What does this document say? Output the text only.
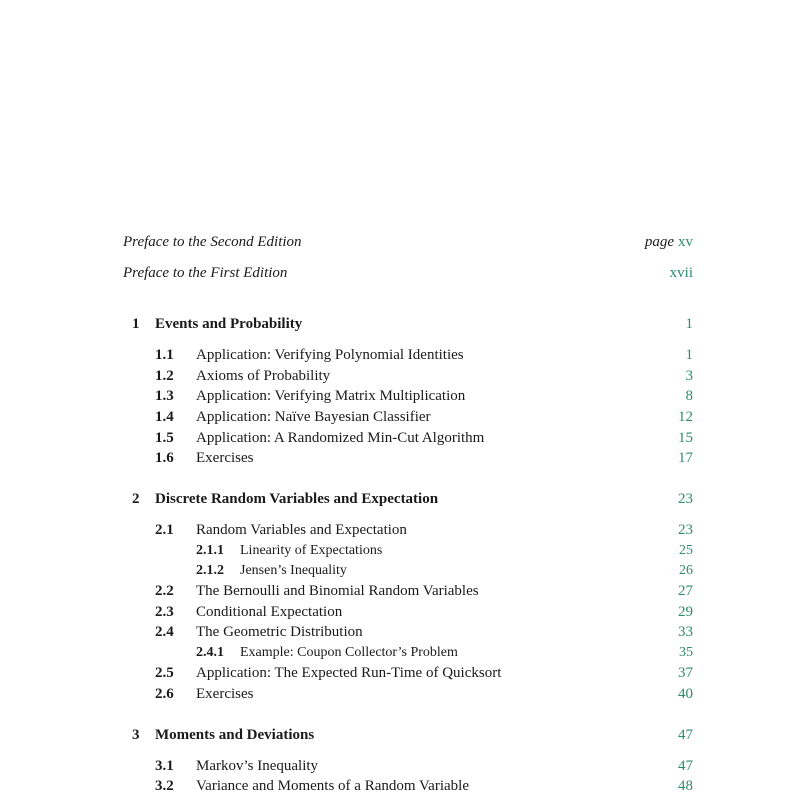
Preface to the Second Edition	page xv
Preface to the First Edition	xvii
1 Events and Probability	1
1.1 Application: Verifying Polynomial Identities	1
1.2 Axioms of Probability	3
1.3 Application: Verifying Matrix Multiplication	8
1.4 Application: Naïve Bayesian Classifier	12
1.5 Application: A Randomized Min-Cut Algorithm	15
1.6 Exercises	17
2 Discrete Random Variables and Expectation	23
2.1 Random Variables and Expectation	23
2.1.1 Linearity of Expectations	25
2.1.2 Jensen’s Inequality	26
2.2 The Bernoulli and Binomial Random Variables	27
2.3 Conditional Expectation	29
2.4 The Geometric Distribution	33
2.4.1 Example: Coupon Collector’s Problem	35
2.5 Application: The Expected Run-Time of Quicksort	37
2.6 Exercises	40
3 Moments and Deviations	47
3.1 Markov’s Inequality	47
3.2 Variance and Moments of a Random Variable	48
